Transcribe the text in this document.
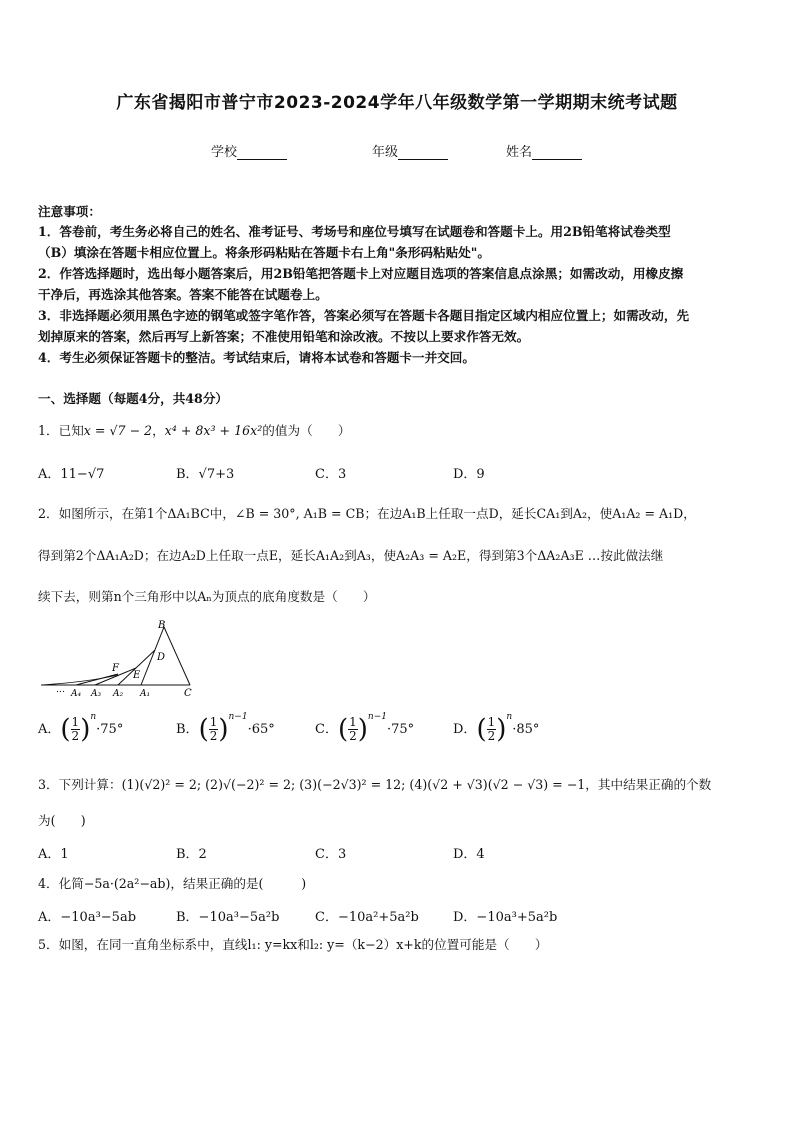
广东省揭阳市普宁市2023-2024学年八年级数学第一学期期末统考试题
学校	年级	姓名
注意事项：
1．答卷前，考生务必将自己的姓名、准考证号、考场号和座位号填写在试题卷和答题卡上。用2B铅笔将试卷类型
（B）填涂在答题卡相应位置上。将条形码粘贴在答题卡右上角"条形码粘贴处"。
2．作答选择题时，选出每小题答案后，用2B铅笔把答题卡上对应题目选项的答案信息点涂黑；如需改动，用橡皮擦
干净后，再选涂其他答案。答案不能答在试题卷上。
3．非选择题必须用黑色字迹的钢笔或签字笔作答，答案必须写在答题卡各题目指定区域内相应位置上；如需改动，先
划掉原来的答案，然后再写上新答案；不准使用铅笔和涂改液。不按以上要求作答无效。
4．考生必须保证答题卡的整洁。考试结束后，请将本试卷和答题卡一并交回。
一、选择题（每题4分，共48分）
1．已知x = √7 − 2，x⁴ + 8x³ + 16x²的值为（　　）
A．11−√7	B．√7+3	C．3	D．9
2．如图所示，在第1个ΔA₁BC中，∠B = 30°, A₁B = CB；在边A₁B上任取一点D，延长CA₁到A₂，使A₁A₂ = A₁D，
得到第2个ΔA₁A₂D；在边A₂D上任取一点E，延长A₁A₂到A₃，使A₂A₃ = A₂E，得到第3个ΔA₂A₃E …按此做法继
续下去，则第n个三角形中以Aₙ为顶点的底角度数是（　　）
B
D
F
E
A₄ A₃ A₂ A₁	C
…
A．( $\frac{1}{2} )^n\cdot 75^\circ$	B．( $\frac{1}{2} )^{n-1}\cdot 65^\circ$	C．( $\frac{1}{2} )^{n-1}\cdot 75^\circ$	D．( $\frac{1}{2} )^n\cdot 85^\circ$
3．下列计算：(1)(√2)² = 2; (2)√(−2)² = 2; (3)(−2√3)² = 12; (4)(√2 + √3)(√2 − √3) = −1，其中结果正确的个数
为(　　)
A．1	B．2	C．3	D．4
4．化简−5a·(2a²−ab)，结果正确的是(　　　)
A．−10a³−5ab	B．−10a³−5a²b	C．−10a²+5a²b	D．−10a³+5a²b
5．如图，在同一直角坐标系中，直线l₁: y=kx和l₂: y=（k−2）x+k的位置可能是（　　）
